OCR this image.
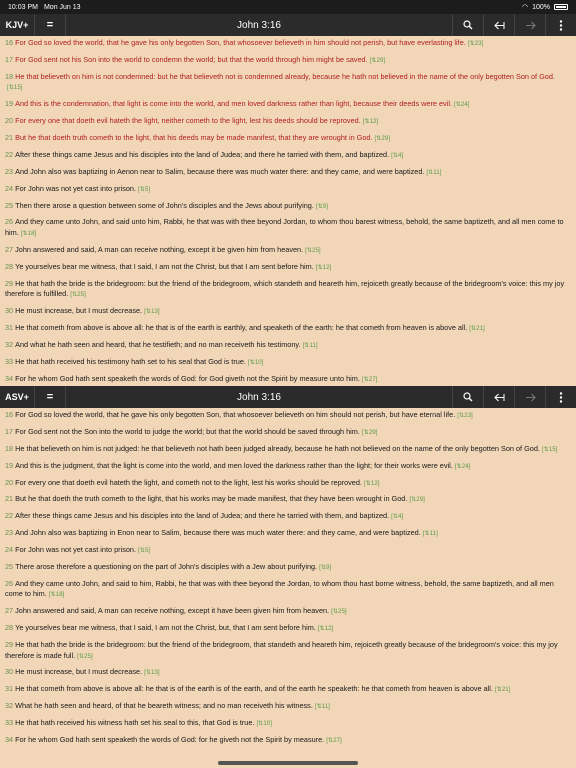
10:03 PM Mon Jun 13	◠ 100%
KJV+	=	John 3:16
16 For God so loved the world, that he gave his only begotten Son, that whosoever believeth in him should not perish, but have everlasting life. [⇅23]
17 For God sent not his Son into the world to condemn the world; but that the world through him might be saved. [⇅29]
18 He that believeth on him is not condemned: but he that believeth not is condemned already, because he hath not believed in the name of the only begotten Son of God.[⇅15]
19 And this is the condemnation, that light is come into the world, and men loved darkness rather than light, because their deeds were evil. [⇅24]
20 For every one that doeth evil hateth the light, neither cometh to the light, lest his deeds should be reproved. [⇅12]
21 But he that doeth truth cometh to the light, that his deeds may be made manifest, that they are wrought in God. [⇅29]
22 After these things came Jesus and his disciples into the land of Judea; and there he tarried with them, and baptized. [⇅4]
23 And John also was baptizing in Aenon near to Salim, because there was much water there: and they came, and were baptized. [⇅11]
24 For John was not yet cast into prison. [⇅5]
25 Then there arose a question between some of John's disciples and the Jews about purifying. [⇅9]
26 And they came unto John, and said unto him, Rabbi, he that was with thee beyond Jordan, to whom thou barest witness, behold, the same baptizeth, and all men come to him. [⇅18]
27 John answered and said, A man can receive nothing, except it be given him from heaven. [⇅25]
28 Ye yourselves bear me witness, that I said, I am not the Christ, but that I am sent before him. [⇅12]
29 He that hath the bride is the bridegroom: but the friend of the bridegroom, which standeth and heareth him, rejoiceth greatly because of the bridegroom's voice: this my joy therefore is fulfilled. [⇅25]
30 He must increase, but I must decrease. [⇅13]
31 He that cometh from above is above all: he that is of the earth is earthly, and speaketh of the earth: he that cometh from heaven is above all. [⇅21]
32 And what he hath seen and heard, that he testifieth; and no man receiveth his testimony. [⇅11]
33 He that hath received his testimony hath set to his seal that God is true. [⇅10]
34 For he whom God hath sent speaketh the words of God: for God giveth not the Spirit by measure unto him. [⇅27]
ASV+	=	John 3:16
16 For God so loved the world, that he gave his only begotten Son, that whosoever believeth on him should not perish, but have eternal life. [⇅23]
17 For God sent not the Son into the world to judge the world; but that the world should be saved through him. [⇅29]
18 He that believeth on him is not judged: he that believeth not hath been judged already, because he hath not believed on the name of the only begotten Son of God. [⇅15]
19 And this is the judgment, that the light is come into the world, and men loved the darkness rather than the light; for their works were evil. [⇅24]
20 For every one that doeth evil hateth the light, and cometh not to the light, lest his works should be reproved. [⇅12]
21 But he that doeth the truth cometh to the light, that his works may be made manifest, that they have been wrought in God. [⇅29]
22 After these things came Jesus and his disciples into the land of Judea; and there he tarried with them, and baptized. [⇅4]
23 And John also was baptizing in Enon near to Salim, because there was much water there: and they came, and were baptized. [⇅11]
24 For John was not yet cast into prison. [⇅5]
25 There arose therefore a questioning on the part of John's disciples with a Jew about purifying. [⇅9]
26 And they came unto John, and said to him, Rabbi, he that was with thee beyond the Jordan, to whom thou hast borne witness, behold, the same baptizeth, and all men come to him. [⇅18]
27 John answered and said, A man can receive nothing, except it have been given him from heaven. [⇅25]
28 Ye yourselves bear me witness, that I said, I am not the Christ, but, that I am sent before him. [⇅12]
29 He that hath the bride is the bridegroom: but the friend of the bridegroom, that standeth and heareth him, rejoiceth greatly because of the bridegroom's voice: this my joy therefore is made full. [⇅25]
30 He must increase, but I must decrease. [⇅13]
31 He that cometh from above is above all: he that is of the earth is of the earth, and of the earth he speaketh: he that cometh from heaven is above all. [⇅21]
32 What he hath seen and heard, of that he beareth witness; and no man receiveth his witness. [⇅11]
33 He that hath received his witness hath set his seal to this, that God is true. [⇅10]
34 For he whom God hath sent speaketh the words of God: for he giveth not the Spirit by measure. [⇅27]
